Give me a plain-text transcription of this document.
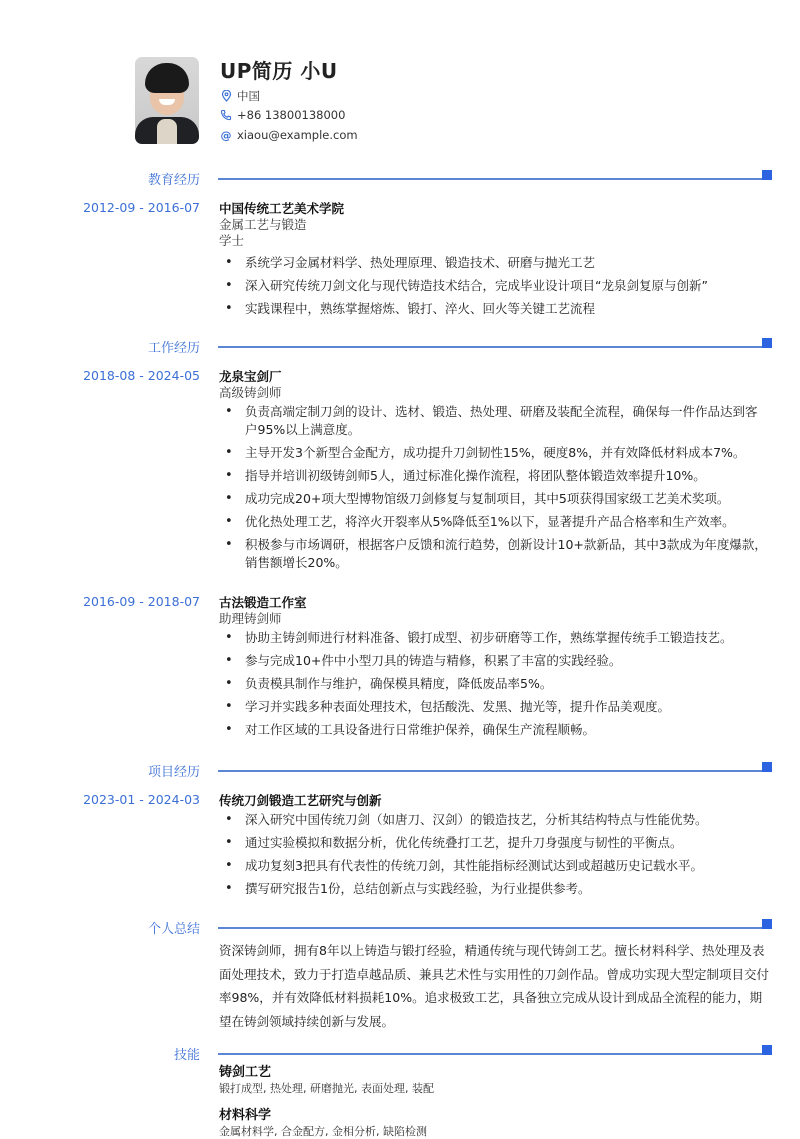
UP简历 小U
中国
+86 13800138000
@ xiaou@example.com
教育经历
2012-09 - 2016-07 中国传统工艺美术学院
金属工艺与锻造
学士
• 系统学习金属材料学、热处理原理、锻造技术、研磨与抛光工艺
• 深入研究传统刀剑文化与现代铸造技术结合，完成毕业设计项目“龙泉剑复原与创新”
• 实践课程中，熟练掌握熔炼、锻打、淬火、回火等关键工艺流程
工作经历
2018-08 - 2024-05 龙泉宝剑厂
高级铸剑师
• 负责高端定制刀剑的设计、选材、锻造、热处理、研磨及装配全流程，确保每一件作品达到客户95%以上满意度。
• 主导开发3个新型合金配方，成功提升刀剑韧性15%，硬度8%，并有效降低材料成本7%。
• 指导并培训初级铸剑师5人，通过标准化操作流程，将团队整体锻造效率提升10%。
• 成功完成20+项大型博物馆级刀剑修复与复制项目，其中5项获得国家级工艺美术奖项。
• 优化热处理工艺，将淬火开裂率从5%降低至1%以下，显著提升产品合格率和生产效率。
• 积极参与市场调研，根据客户反馈和流行趋势，创新设计10+款新品，其中3款成为年度爆款，销售额增长20%。
2016-09 - 2018-07 古法锻造工作室
助理铸剑师
• 协助主铸剑师进行材料准备、锻打成型、初步研磨等工作，熟练掌握传统手工锻造技艺。
• 参与完成10+件中小型刀具的铸造与精修，积累了丰富的实践经验。
• 负责模具制作与维护，确保模具精度，降低废品率5%。
• 学习并实践多种表面处理技术，包括酸洗、发黑、抛光等，提升作品美观度。
• 对工作区域的工具设备进行日常维护保养，确保生产流程顺畅。
项目经历
2023-01 - 2024-03 传统刀剑锻造工艺研究与创新
• 深入研究中国传统刀剑（如唐刀、汉剑）的锻造技艺，分析其结构特点与性能优势。
• 通过实验模拟和数据分析，优化传统叠打工艺，提升刀身强度与韧性的平衡点。
• 成功复刻3把具有代表性的传统刀剑，其性能指标经测试达到或超越历史记载水平。
• 撰写研究报告1份，总结创新点与实践经验，为行业提供参考。
个人总结
资深铸剑师，拥有8年以上铸造与锻打经验，精通传统与现代铸剑工艺。擅长材料科学、热处理及表面处理技术，致力于打造卓越品质、兼具艺术性与实用性的刀剑作品。曾成功实现大型定制项目交付率98%，并有效降低材料损耗10%。追求极致工艺，具备独立完成从设计到成品全流程的能力，期望在铸剑领域持续创新与发展。
技能
铸剑工艺
锻打成型, 热处理, 研磨抛光, 表面处理, 装配
材料科学
金属材料学, 合金配方, 金相分析, 缺陷检测
